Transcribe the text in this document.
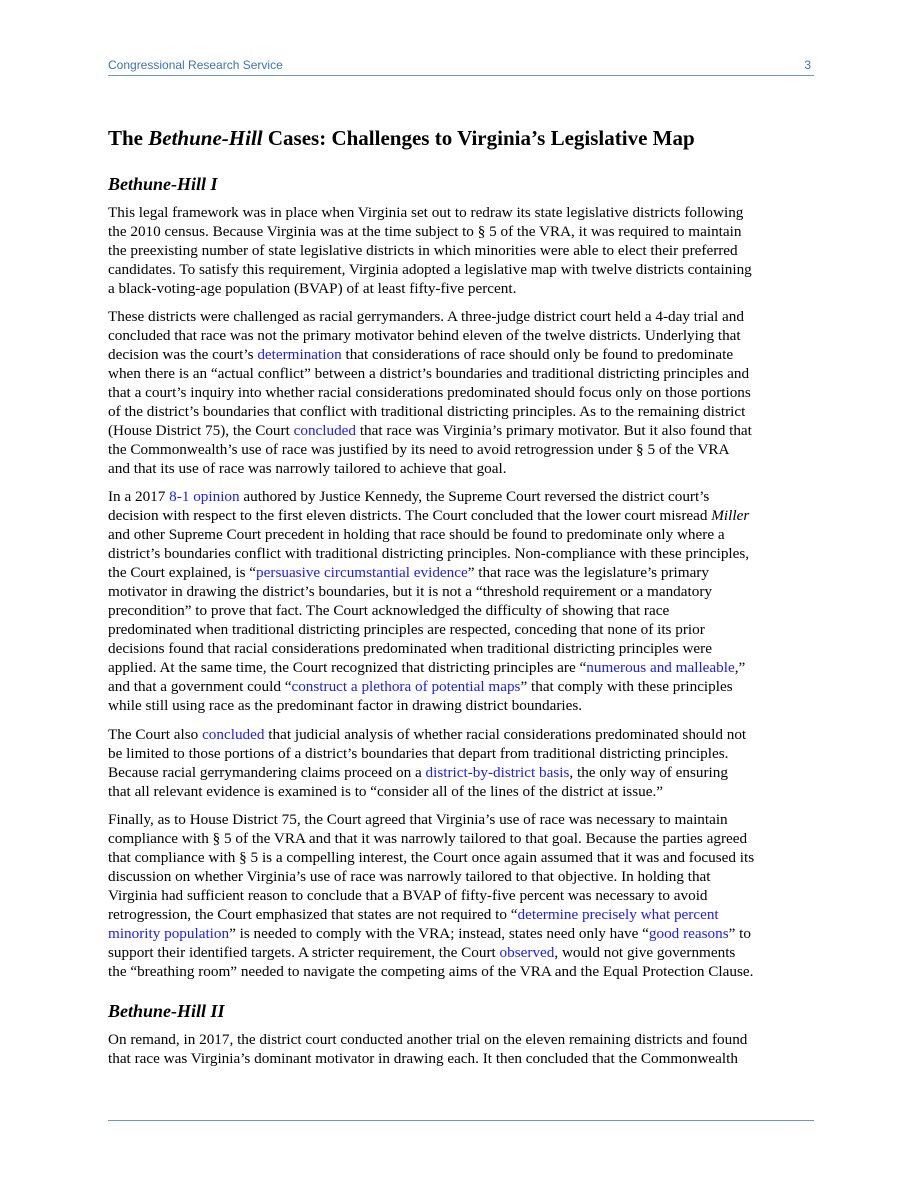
Congressional Research Service	3
The Bethune-Hill Cases: Challenges to Virginia’s Legislative Map
Bethune-Hill I

This legal framework was in place when Virginia set out to redraw its state legislative districts following
the 2010 census. Because Virginia was at the time subject to § 5 of the VRA, it was required to maintain
the preexisting number of state legislative districts in which minorities were able to elect their preferred
candidates. To satisfy this requirement, Virginia adopted a legislative map with twelve districts containing
a black-voting-age population (BVAP) of at least fifty-five percent.

These districts were challenged as racial gerrymanders. A three-judge district court held a 4-day trial and
concluded that race was not the primary motivator behind eleven of the twelve districts. Underlying that
decision was the court’s determination that considerations of race should only be found to predominate
when there is an “actual conflict” between a district’s boundaries and traditional districting principles and
that a court’s inquiry into whether racial considerations predominated should focus only on those portions
of the district’s boundaries that conflict with traditional districting principles. As to the remaining district
(House District 75), the Court concluded that race was Virginia’s primary motivator. But it also found that
the Commonwealth’s use of race was justified by its need to avoid retrogression under § 5 of the VRA
and that its use of race was narrowly tailored to achieve that goal.

In a 2017 8-1 opinion authored by Justice Kennedy, the Supreme Court reversed the district court’s
decision with respect to the first eleven districts. The Court concluded that the lower court misread Miller
and other Supreme Court precedent in holding that race should be found to predominate only where a
district’s boundaries conflict with traditional districting principles. Non-compliance with these principles,
the Court explained, is “persuasive circumstantial evidence” that race was the legislature’s primary
motivator in drawing the district’s boundaries, but it is not a “threshold requirement or a mandatory
precondition” to prove that fact. The Court acknowledged the difficulty of showing that race
predominated when traditional districting principles are respected, conceding that none of its prior
decisions found that racial considerations predominated when traditional districting principles were
applied. At the same time, the Court recognized that districting principles are “numerous and malleable,”
and that a government could “construct a plethora of potential maps” that comply with these principles
while still using race as the predominant factor in drawing district boundaries.

The Court also concluded that judicial analysis of whether racial considerations predominated should not
be limited to those portions of a district’s boundaries that depart from traditional districting principles.
Because racial gerrymandering claims proceed on a district-by-district basis, the only way of ensuring
that all relevant evidence is examined is to “consider all of the lines of the district at issue.”

Finally, as to House District 75, the Court agreed that Virginia’s use of race was necessary to maintain
compliance with § 5 of the VRA and that it was narrowly tailored to that goal. Because the parties agreed
that compliance with § 5 is a compelling interest, the Court once again assumed that it was and focused its
discussion on whether Virginia’s use of race was narrowly tailored to that objective. In holding that
Virginia had sufficient reason to conclude that a BVAP of fifty-five percent was necessary to avoid
retrogression, the Court emphasized that states are not required to “determine precisely what percent
minority population” is needed to comply with the VRA; instead, states need only have “good reasons” to
support their identified targets. A stricter requirement, the Court observed, would not give governments
the “breathing room” needed to navigate the competing aims of the VRA and the Equal Protection Clause.

Bethune-Hill II

On remand, in 2017, the district court conducted another trial on the eleven remaining districts and found
that race was Virginia’s dominant motivator in drawing each. It then concluded that the Commonwealth
